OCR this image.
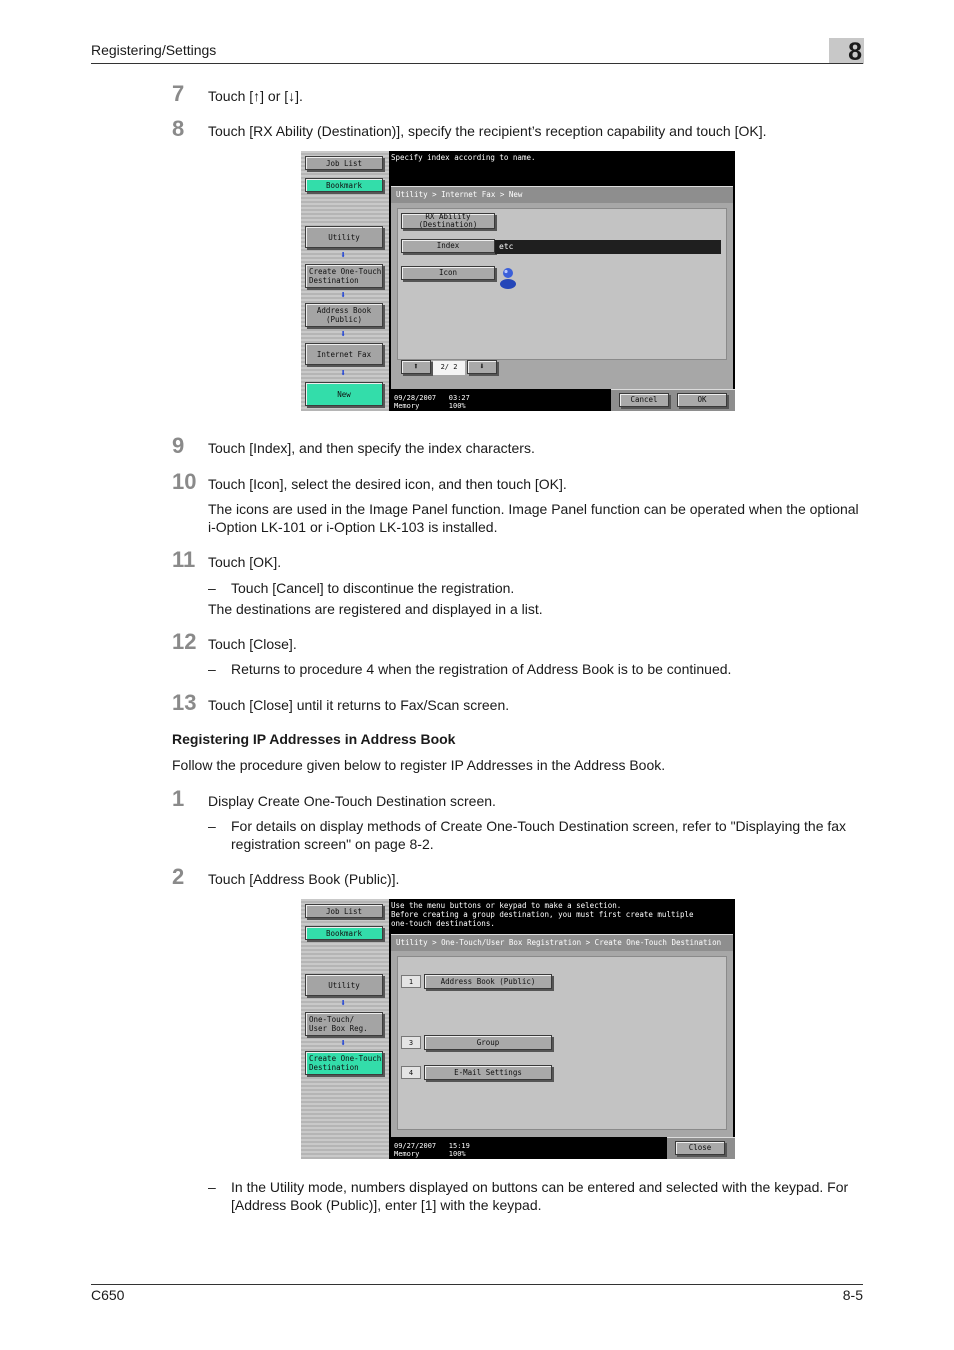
Registering/Settings	8
7 Touch [↑] or [↓].
8 Touch [RX Ability (Destination)], specify the recipient’s reception capability and touch [OK].
Job List
Bookmark
Utility
⬇
Create One-Touch
Destination
⬇
Address Book
(Public)
⬇
Internet Fax
⬇
New
Specify index according to name.
Utility > Internet Fax > New
RX Ability
(Destination)
Index	etc
Icon
⬆	2/ 2	⬇
09/28/2007   03:27
Memory       100%
Cancel	OK
9 Touch [Index], and then specify the index characters.
10 Touch [Icon], select the desired icon, and then touch [OK].
The icons are used in the Image Panel function. Image Panel function can be operated when the optional i-Option LK-101 or i-Option LK-103 is installed.
11 Touch [OK].
– Touch [Cancel] to discontinue the registration.
The destinations are registered and displayed in a list.
12 Touch [Close].
– Returns to procedure 4 when the registration of Address Book is to be continued.
13 Touch [Close] until it returns to Fax/Scan screen.
Registering IP Addresses in Address Book
Follow the procedure given below to register IP Addresses in the Address Book.
1 Display Create One-Touch Destination screen.
– For details on display methods of Create One-Touch Destination screen, refer to "Displaying the fax registration screen" on page 8-2.
2 Touch [Address Book (Public)].
Job List
Bookmark
Utility
⬇
One-Touch/
User Box Reg.
⬇
Create One-Touch
Destination
Use the menu buttons or keypad to make a selection.
Before creating a group destination, you must first create multiple
one-touch destinations.
Utility > One-Touch/User Box Registration > Create One-Touch Destination
1	Address Book (Public)
3	Group
4	E-Mail Settings
09/27/2007   15:19
Memory       100%
Close
– In the Utility mode, numbers displayed on buttons can be entered and selected with the keypad. For [Address Book (Public)], enter [1] with the keypad.
C650	8-5
